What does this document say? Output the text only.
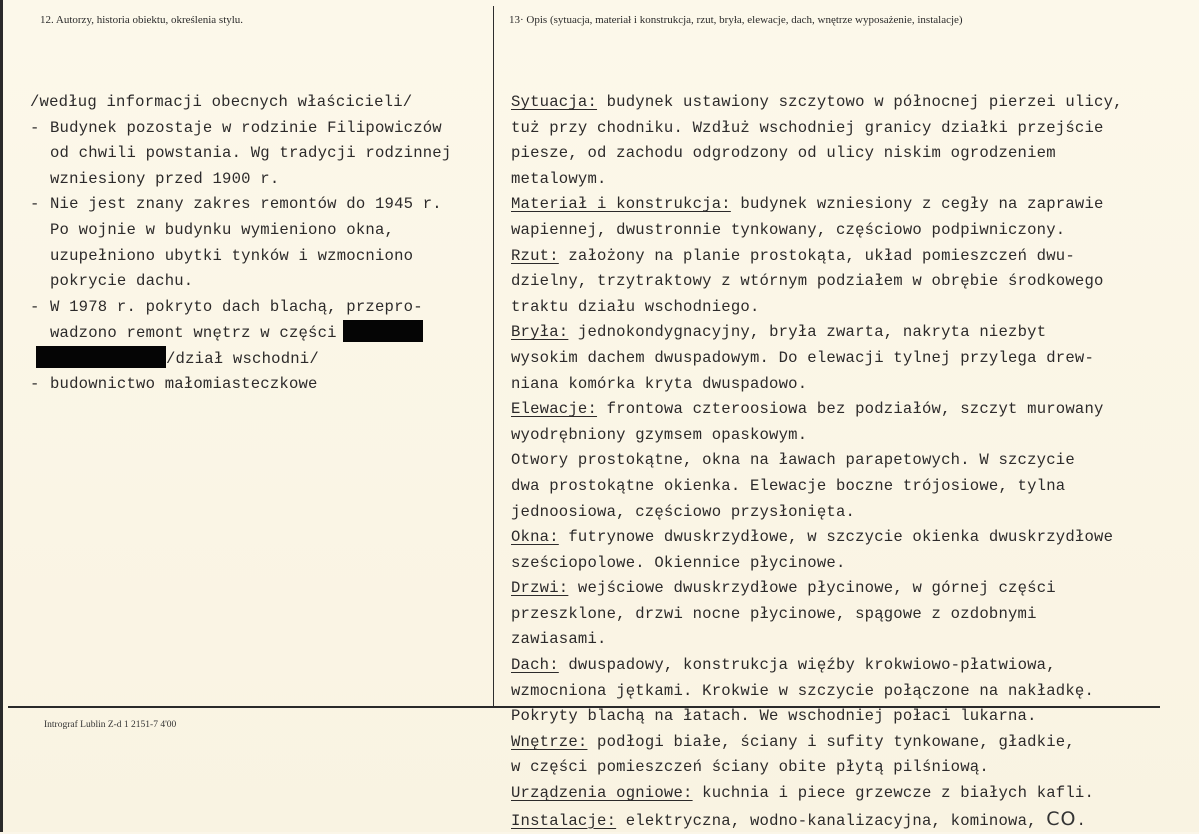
12. Autorzy, historia obiektu, określenia stylu.	13· Opis (sytuacja, materiał i konstrukcja, rzut, bryła, elewacje, dach, wnętrze wyposażenie, instalacje)
/według informacji obecnych właścicieli/
- Budynek pozostaje w rodzinie Filipowiczów
od chwili powstania. Wg tradycji rodzinnej
wzniesiony przed 1900 r.
- Nie jest znany zakres remontów do 1945 r.
Po wojnie w budynku wymieniono okna,
uzupełniono ubytki tynków i wzmocniono
pokrycie dachu.
- W 1978 r. pokryto dach blachą, przepro-
wadzono remont wnętrz w części
/dział wschodni/
- budownictwo małomiasteczkowe
Sytuacja: budynek ustawiony szczytowo w północnej pierzei ulicy,
tuż przy chodniku. Wzdłuż wschodniej granicy działki przejście
piesze, od zachodu odgrodzony od ulicy niskim ogrodzeniem
metalowym.
Materiał i konstrukcja: budynek wzniesiony z cegły na zaprawie
wapiennej, dwustronnie tynkowany, częściowo podpiwniczony.
Rzut: założony na planie prostokąta, układ pomieszczeń dwu-
dzielny, trzytraktowy z wtórnym podziałem w obrębie środkowego
traktu działu wschodniego.
Bryła: jednokondygnacyjny, bryła zwarta, nakryta niezbyt
wysokim dachem dwuspadowym. Do elewacji tylnej przylega drew-
niana komórka kryta dwuspadowo.
Elewacje: frontowa czteroosiowa bez podziałów, szczyt murowany
wyodrębniony gzymsem opaskowym.
Otwory prostokątne, okna na ławach parapetowych. W szczycie
dwa prostokątne okienka. Elewacje boczne trójosiowe, tylna
jednoosiowa, częściowo przysłonięta.
Okna: futrynowe dwuskrzydłowe, w szczycie okienka dwuskrzydłowe
sześciopolowe. Okiennice płycinowe.
Drzwi: wejściowe dwuskrzydłowe płycinowe, w górnej części
przeszklone, drzwi nocne płycinowe, spągowe z ozdobnymi
zawiasami.
Dach: dwuspadowy, konstrukcja więźby krokwiowo-płatwiowa,
wzmocniona jętkami. Krokwie w szczycie połączone na nakładkę.
Pokryty blachą na łatach. We wschodniej połaci lukarna.
Wnętrze: podłogi białe, ściany i sufity tynkowane, gładkie,
w części pomieszczeń ściany obite płytą pilśniową.
Urządzenia ogniowe: kuchnia i piece grzewcze z białych kafli.
Instalacje: elektryczna, wodno-kanalizacyjna, kominowa, CO.
Intrograf Lublin Z-d 1 2151-7 4'00
